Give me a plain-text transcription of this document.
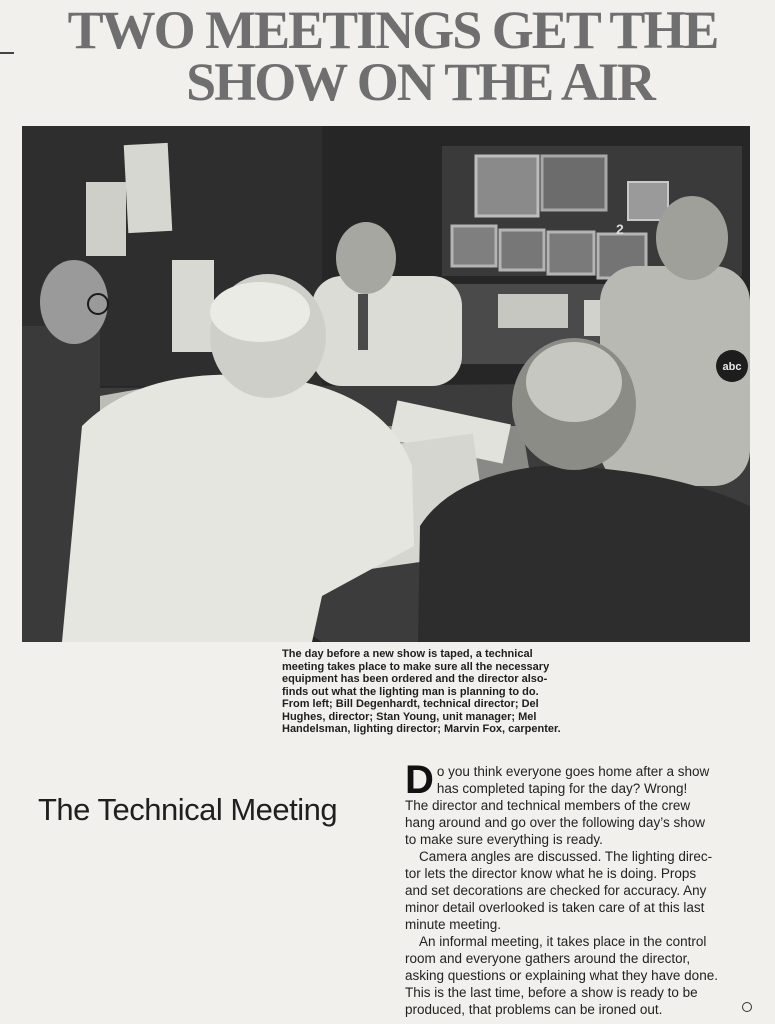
TWO MEETINGS GET THE
SHOW ON THE AIR
2
abc

The day before a new show is taped, a technical
meeting takes place to make sure all the necessary
equipment has been ordered and the director also-
finds out what the lighting man is planning to do.
From left; Bill Degenhardt, technical director; Del
Hughes, director; Stan Young, unit manager; Mel
Handelsman, lighting director; Marvin Fox, carpenter.

The Technical Meeting

Do you think everyone goes home after a show
has completed taping for the day? Wrong!
The director and technical members of the crew
hang around and go over the following day’s show
to make sure everything is ready.

Camera angles are discussed. The lighting direc-
tor lets the director know what he is doing. Props
and set decorations are checked for accuracy. Any
minor detail overlooked is taken care of at this last
minute meeting.

An informal meeting, it takes place in the control
room and everyone gathers around the director,
asking questions or explaining what they have done.
This is the last time, before a show is ready to be
produced, that problems can be ironed out.
